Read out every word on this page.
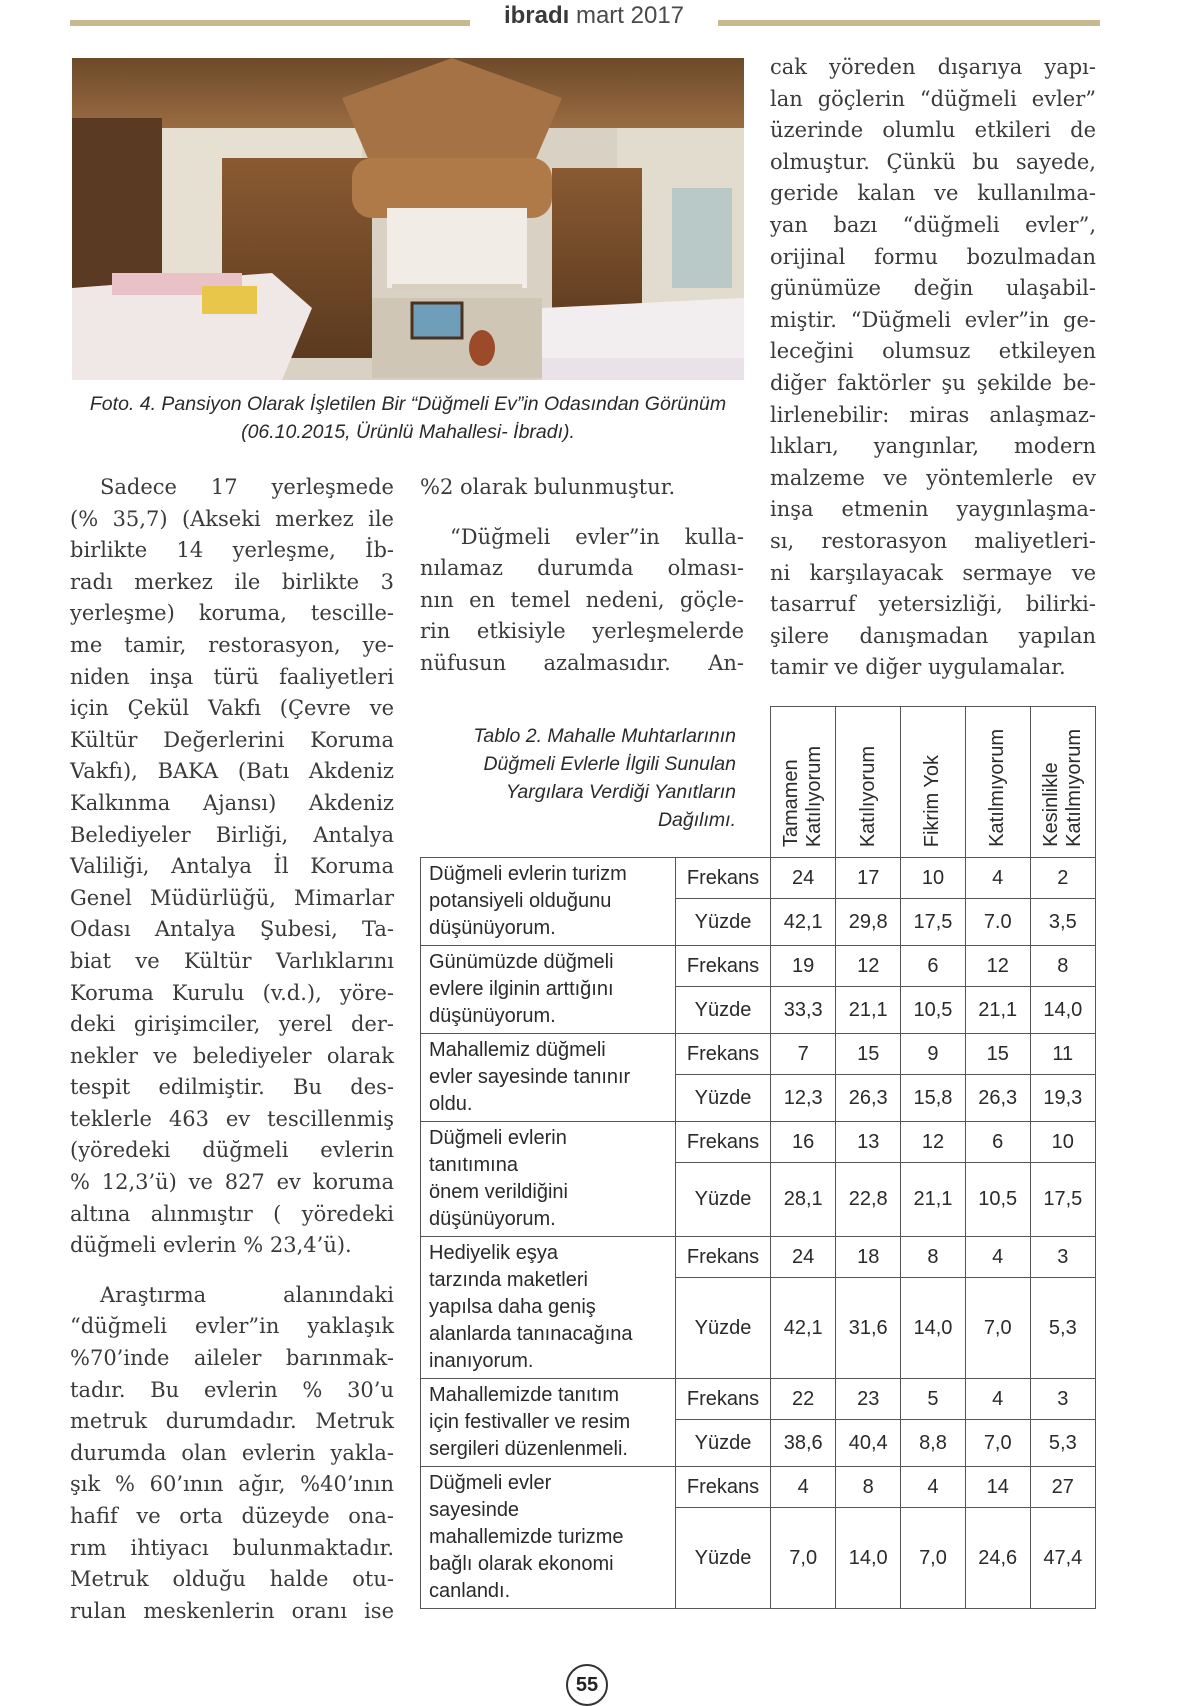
ibradı mart 2017
Foto. 4. Pansiyon Olarak İşletilen Bir “Düğmeli Ev”in Odasından Görünüm
(06.10.2015, Ürünlü Mahallesi- İbradı).

Sadece 17 yerleşmede
(% 35,7) (Akseki merkez ile
birlikte 14 yerleşme, İb-
radı merkez ile birlikte 3
yerleşme) koruma, tescille-
me tamir, restorasyon, ye-
niden inşa türü faaliyetleri
için Çekül Vakfı (Çevre ve
Kültür Değerlerini Koruma
Vakfı), BAKA (Batı Akdeniz
Kalkınma Ajansı) Akdeniz
Belediyeler Birliği, Antalya
Valiliği, Antalya İl Koruma
Genel Müdürlüğü, Mimarlar
Odası Antalya Şubesi, Ta-
biat ve Kültür Varlıklarını
Koruma Kurulu (v.d.), yöre-
deki girişimciler, yerel der-
nekler ve belediyeler olarak
tespit edilmiştir. Bu des-
teklerle 463 ev tescillenmiş
(yöredeki düğmeli evlerin
% 12,3’ü) ve 827 ev koruma
altına alınmıştır ( yöredeki
düğmeli evlerin % 23,4’ü).

Araştırma alanındaki
“düğmeli evler”in yaklaşık
%70’inde aileler barınmak-
tadır. Bu evlerin % 30’u
metruk durumdadır. Metruk
durumda olan evlerin yakla-
şık % 60’ının ağır, %40’ının
hafif ve orta düzeyde ona-
rım ihtiyacı bulunmaktadır.
Metruk olduğu halde otu-
rulan meskenlerin oranı ise

%2 olarak bulunmuştur.

“Düğmeli evler”in kulla-
nılamaz durumda olması-
nın en temel nedeni, göçle-
rin etkisiyle yerleşmelerde
nüfusun azalmasıdır. An-

cak yöreden dışarıya yapı-
lan göçlerin “düğmeli evler”
üzerinde olumlu etkileri de
olmuştur. Çünkü bu sayede,
geride kalan ve kullanılma-
yan bazı “düğmeli evler”,
orijinal formu bozulmadan
günümüze değin ulaşabil-
miştir. “Düğmeli evler”in ge-
leceğini olumsuz etkileyen
diğer faktörler şu şekilde be-
lirlenebilir: miras anlaşmaz-
lıkları, yangınlar, modern
malzeme ve yöntemlerle ev
inşa etmenin yaygınlaşma-
sı, restorasyon maliyetleri-
ni karşılayacak sermaye ve
tasarruf yetersizliği, bilirki-
şilere danışmadan yapılan
tamir ve diğer uygulamalar.

		Tamamen
Katılıyorum	Katılıyorum	Fikrim Yok	Katılmıyorum	Kesinlikle
Katılmıyorum

Düğmeli evlerin turizm
potansiyeli olduğunu
düşünüyorum.	Frekans	24	17	10	4	2
	Yüzde	42,1	29,8	17,5	7.0	3,5

Günümüzde düğmeli
evlere ilginin arttığını
düşünüyorum.	Frekans	19	12	6	12	8
	Yüzde	33,3	21,1	10,5	21,1	14,0

Mahallemiz düğmeli
evler sayesinde tanınır
oldu.	Frekans	7	15	9	15	11
	Yüzde	12,3	26,3	15,8	26,3	19,3

Düğmeli evlerin
tanıtımına
önem verildiğini
düşünüyorum.	Frekans	16	13	12	6	10
	Yüzde	28,1	22,8	21,1	10,5	17,5

Hediyelik eşya
tarzında maketleri
yapılsa daha geniş
alanlarda tanınacağına
inanıyorum.	Frekans	24	18	8	4	3
	Yüzde	42,1	31,6	14,0	7,0	5,3

Mahallemizde tanıtım
için festivaller ve resim
sergileri düzenlenmeli.	Frekans	22	23	5	4	3
	Yüzde	38,6	40,4	8,8	7,0	5,3

Düğmeli evler
sayesinde
mahallemizde turizme
bağlı olarak ekonomi
canlandı.	Frekans	4	8	4	14	27
	Yüzde	7,0	14,0	7,0	24,6	47,4
Tablo 2. Mahalle Muhtarlarının
Düğmeli Evlerle İlgili Sunulan
Yargılara Verdiği Yanıtların
Dağılımı.
55
